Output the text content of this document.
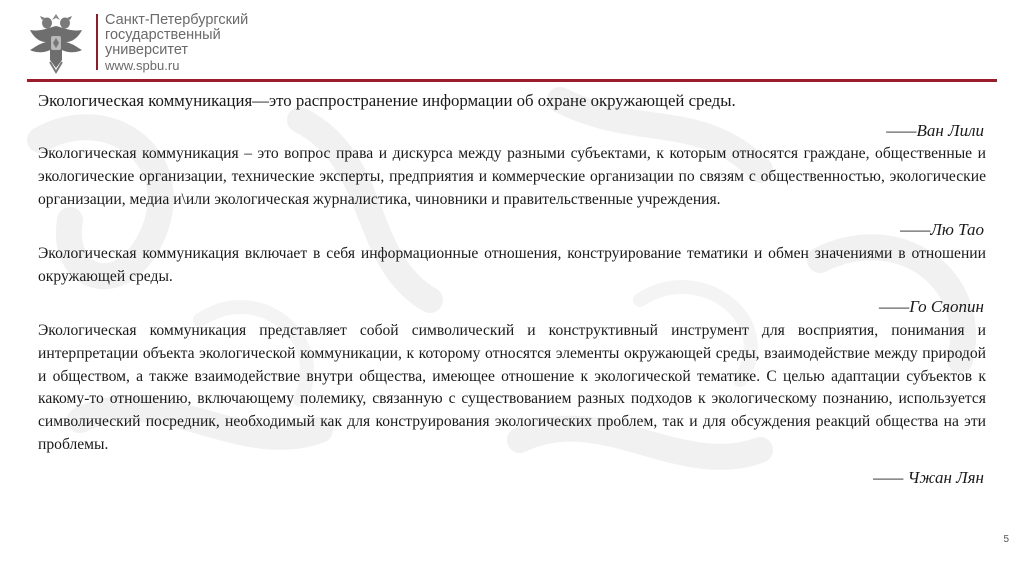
Санкт-Петербургский
государственный
университет
www.spbu.ru

Экологическая коммуникация—это распространение информации об охране окружающей среды.

——Ван Лили

Экологическая коммуникация – это вопрос права и дискурса между разными субъектами, к которым относятся граждане, общественные и экологические организации, технические эксперты, предприятия и коммерческие организации по связям с общественностью, экологические организации, медиа и\или экологическая журналистика, чиновники и правительственные учреждения.

——Лю Тао

Экологическая коммуникация включает в себя информационные отношения, конструирование тематики и обмен значениями в отношении окружающей среды.

——Го Сяопин

Экологическая коммуникация представляет собой символический и конструктивный инструмент для восприятия, понимания и интерпретации объекта экологической коммуникации, к которому относятся элементы окружающей среды, взаимодействие между природой и обществом, а также взаимодействие внутри общества, имеющее отношение к экологической тематике. С целью адаптации субъектов к какому-то отношению, включающему полемику, связанную с существованием разных подходов к экологическому познанию, используется символический посредник, необходимый как для конструирования экологических проблем, так и для обсуждения реакций общества на эти проблемы.

—— Чжан Лян

5
